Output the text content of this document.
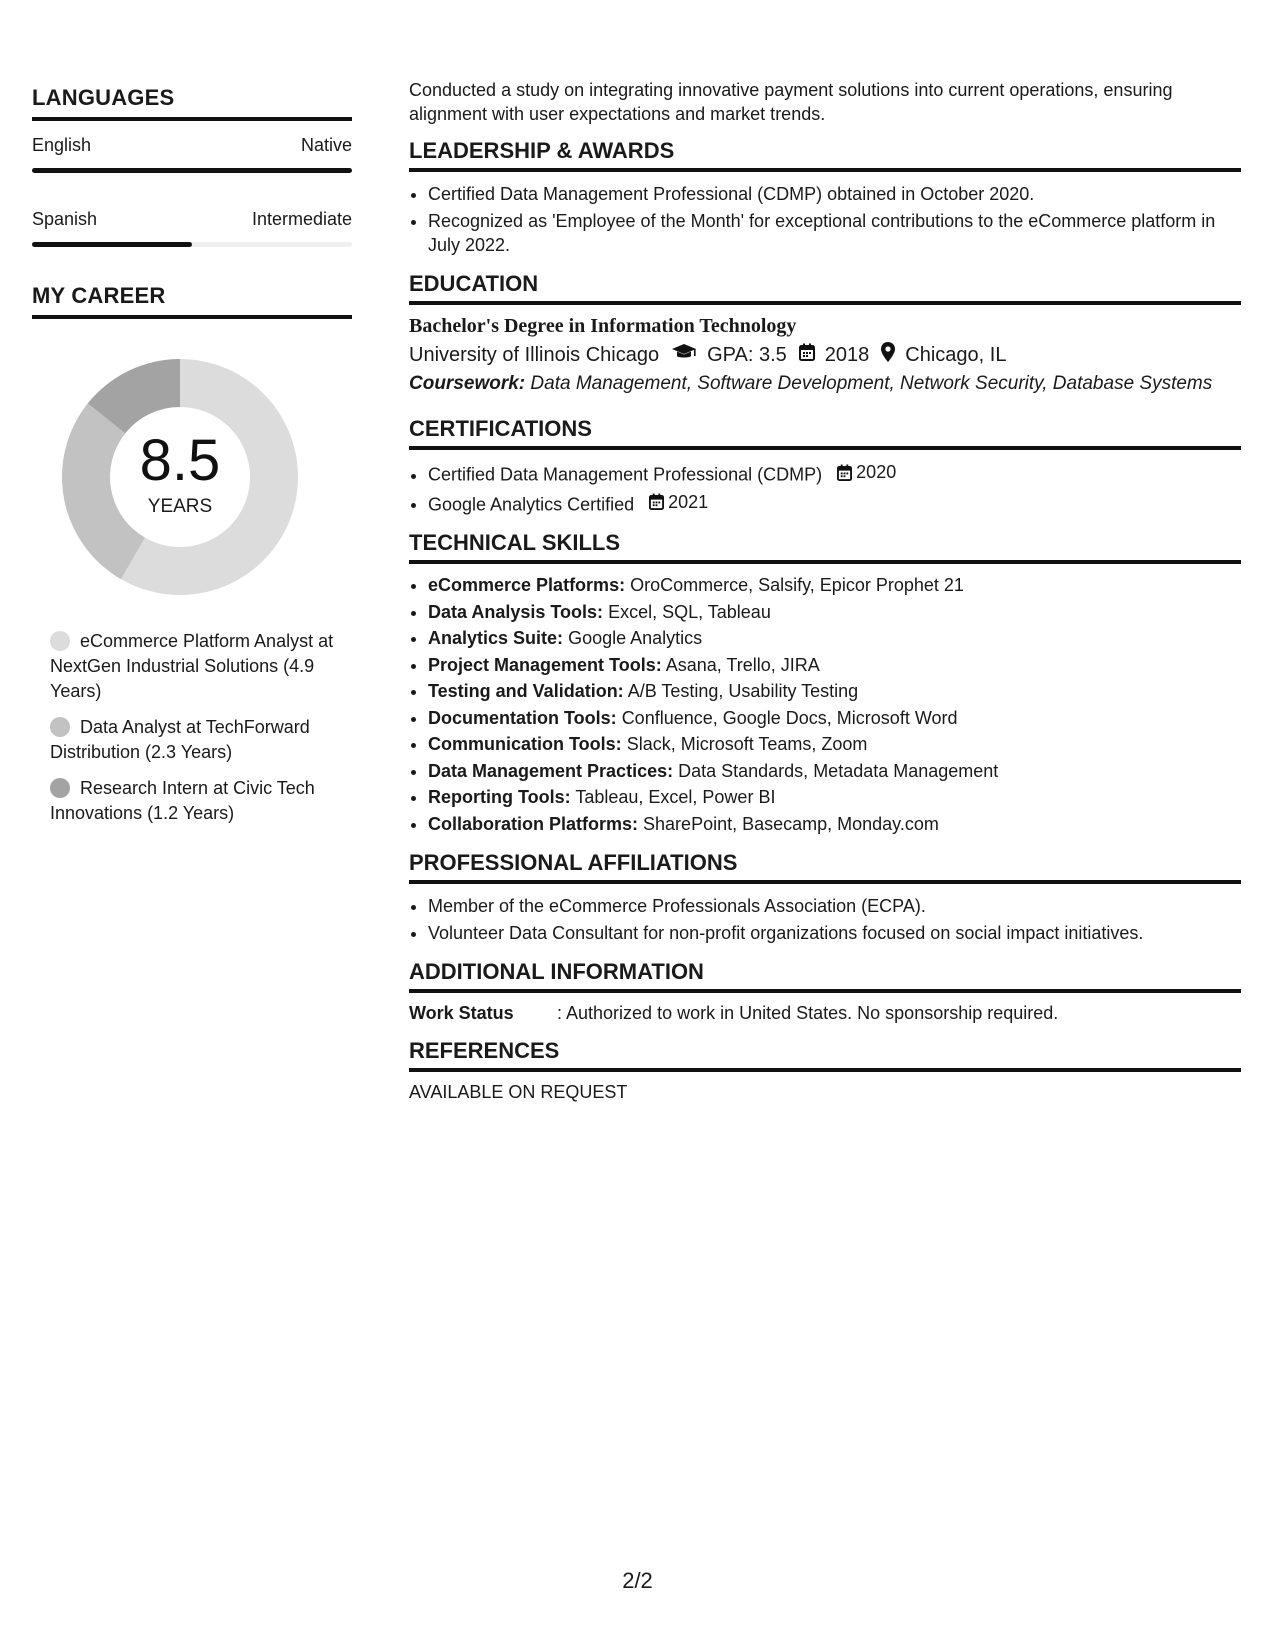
LANGUAGES
English	Native
Spanish	Intermediate
MY CAREER
8.5
YEARS
eCommerce Platform Analyst at NextGen Industrial Solutions (4.9 Years)
Data Analyst at TechForward Distribution (2.3 Years)
Research Intern at Civic Tech Innovations (1.2 Years)

Conducted a study on integrating innovative payment solutions into current operations, ensuring alignment with user expectations and market trends.

LEADERSHIP & AWARDS
• Certified Data Management Professional (CDMP) obtained in October 2020.
• Recognized as 'Employee of the Month' for exceptional contributions to the eCommerce platform in July 2022.
EDUCATION
Bachelor's Degree in Information Technology
University of Illinois Chicago GPA: 3.5 2018 Chicago, IL
Coursework: Data Management, Software Development, Network Security, Database Systems
CERTIFICATIONS
• Certified Data Management Professional (CDMP) 2020
• Google Analytics Certified 2021
TECHNICAL SKILLS
• eCommerce Platforms: OroCommerce, Salsify, Epicor Prophet 21
• Data Analysis Tools: Excel, SQL, Tableau
• Analytics Suite: Google Analytics
• Project Management Tools: Asana, Trello, JIRA
• Testing and Validation: A/B Testing, Usability Testing
• Documentation Tools: Confluence, Google Docs, Microsoft Word
• Communication Tools: Slack, Microsoft Teams, Zoom
• Data Management Practices: Data Standards, Metadata Management
• Reporting Tools: Tableau, Excel, Power BI
• Collaboration Platforms: SharePoint, Basecamp, Monday.com
PROFESSIONAL AFFILIATIONS
• Member of the eCommerce Professionals Association (ECPA).
• Volunteer Data Consultant for non-profit organizations focused on social impact initiatives.
ADDITIONAL INFORMATION
Work Status	: Authorized to work in United States. No sponsorship required.
REFERENCES
AVAILABLE ON REQUEST
2/2
